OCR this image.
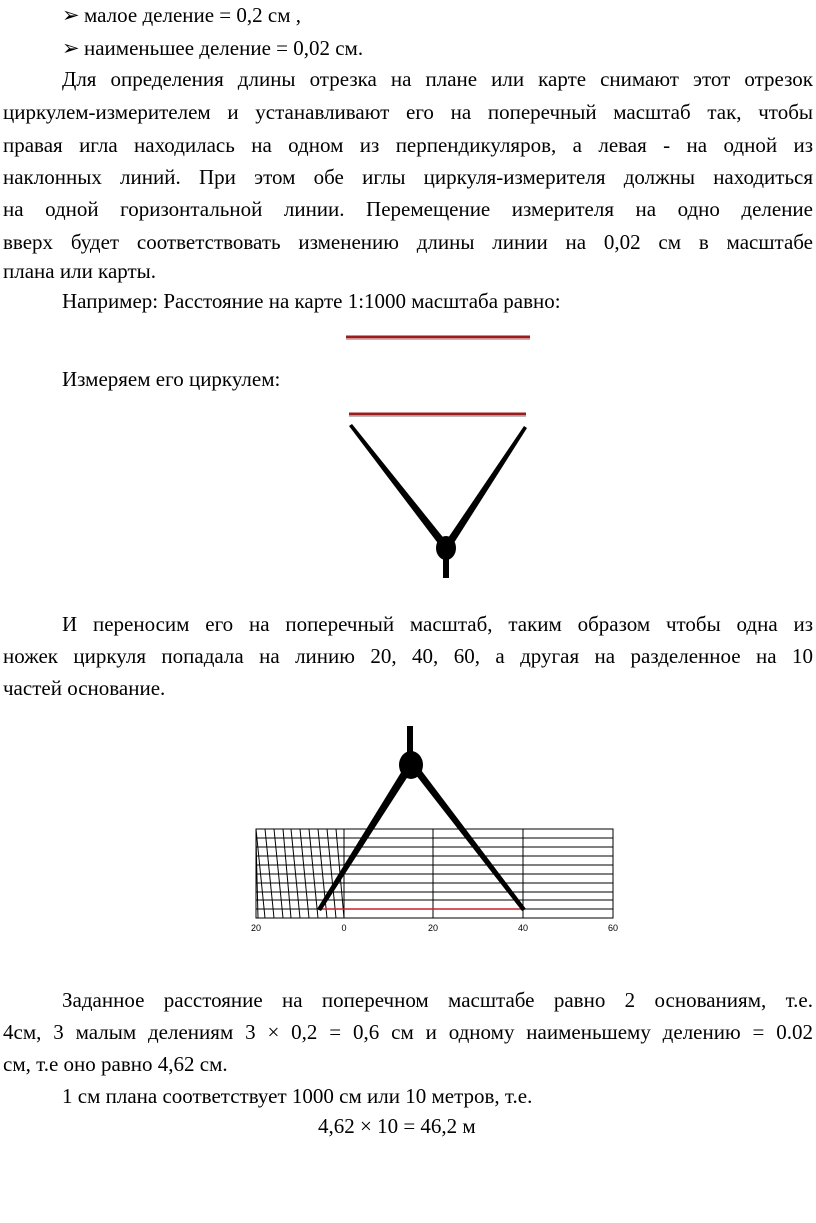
➢ малое деление = 0,2 см ,
➢ наименьшее деление = 0,02 см.
Для определения длины отрезка на плане или карте снимают этот отрезок
циркулем-измерителем и устанавливают его на поперечный масштаб так, чтобы
правая игла находилась на одном из перпендикуляров, а левая - на одной из
наклонных линий. При этом обе иглы циркуля-измерителя должны находиться
на одной горизонтальной линии. Перемещение измерителя на одно деление
вверх будет соответствовать изменению длины линии на 0,02 см в масштабе
плана или карты.
Например: Расстояние на карте 1:1000 масштаба равно:
Измеряем его циркулем:
И переносим его на поперечный масштаб, таким образом чтобы одна из
ножек циркуля попадала на линию 20, 40, 60, а другая на разделенное на 10
частей основание.
Заданное расстояние на поперечном масштабе равно 2 основаниям, т.е.
4см, 3 малым делениям 3 × 0,2 = 0,6 см и одному наименьшему делению = 0.02
см, т.е оно равно 4,62 см.
1 см плана соответствует 1000 см или 10 метров, т.е.
4,62 × 10 = 46,2 м
20	0	20	40	60
